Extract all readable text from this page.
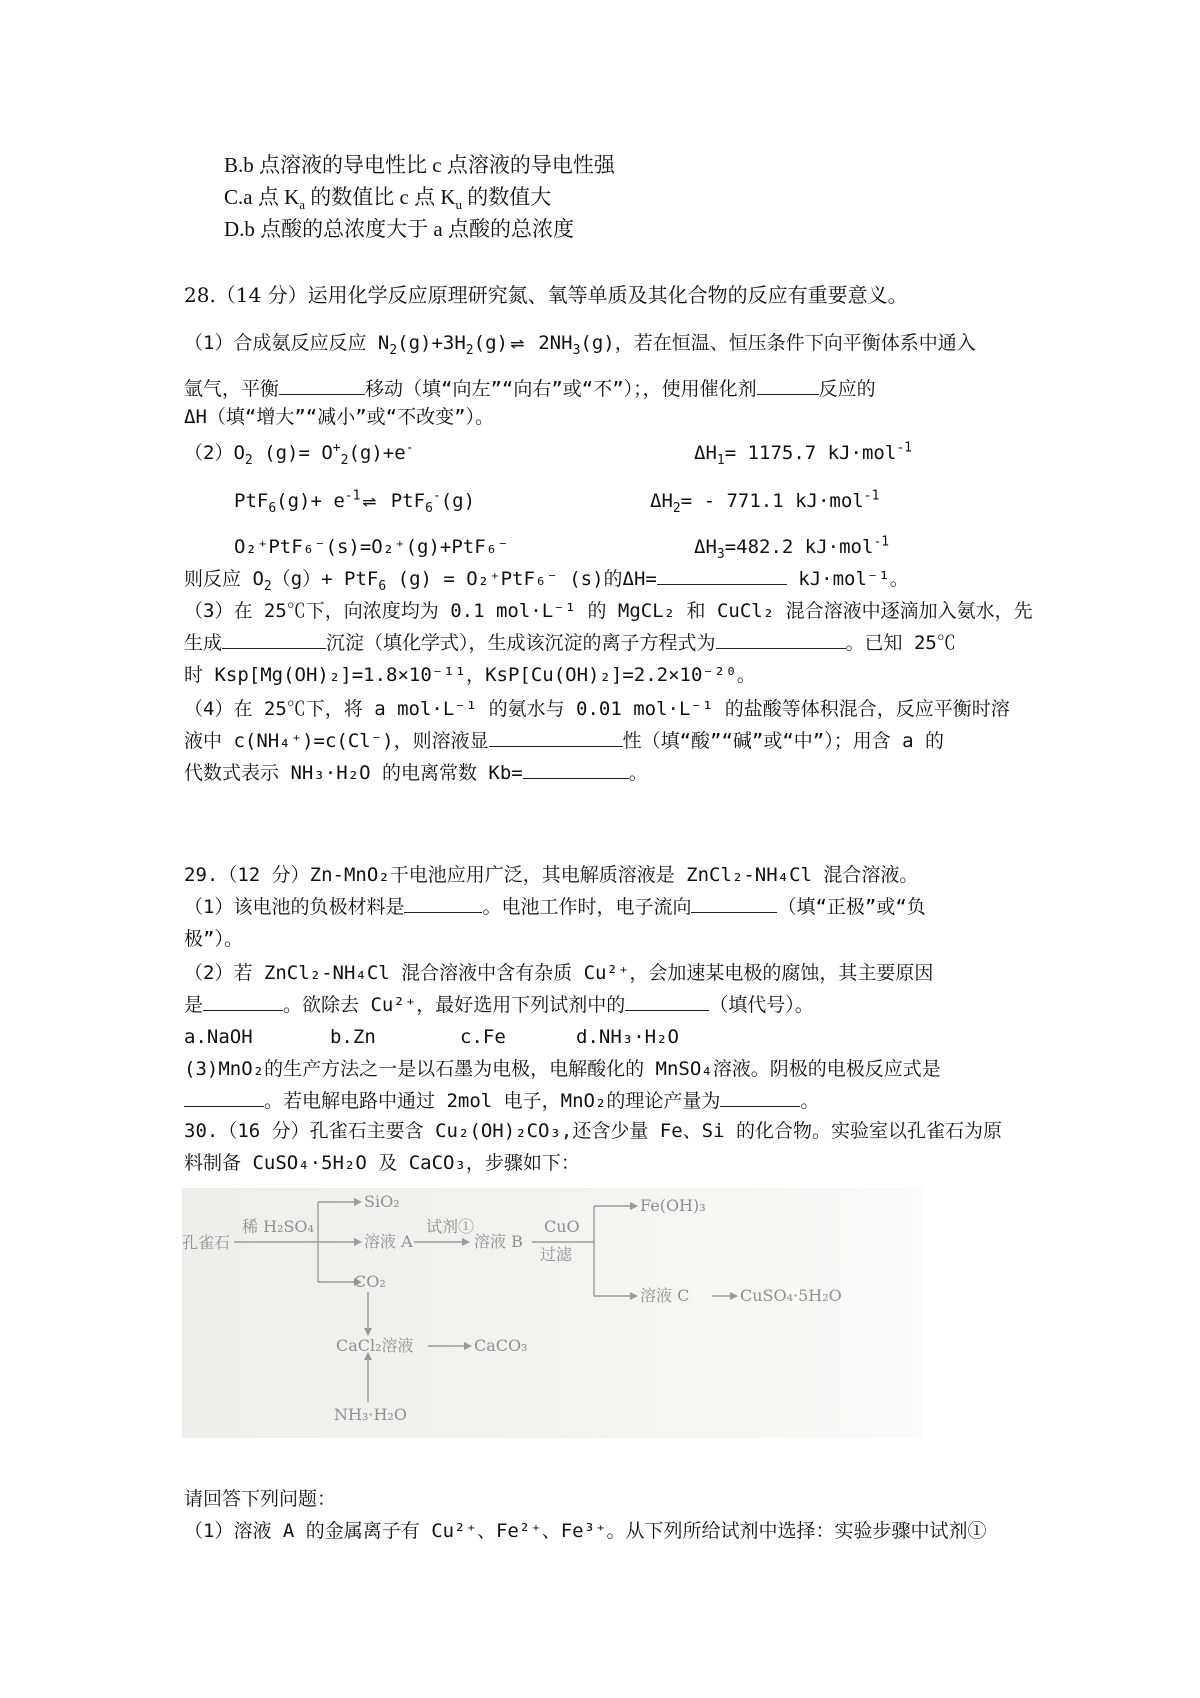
B.b 点溶液的导电性比 c 点溶液的导电性强
C.a 点 $K_a$ 的数值比 c 点 $K_u$ 的数值大
D.b 点酸的总浓度大于 a 点酸的总浓度
28.（14 分）运用化学反应原理研究氮、氧等单质及其化合物的反应有重要意义。
（1）合成氨反应反应 $N_2(g)+3H_2(g)$ ⇌ $2NH_3(g)$，若在恒温、恒压条件下向平衡体系中通入
氩气，平衡	移动（填“向左”“向右”或“不”）；，使用催化剂	反应的
ΔH（填“增大”“减小”或“不改变”）。
$(2)O_2$ $(g)= O^+_2(g)+e^-$	$\Delta H_1= 1175.7$ kJ·mol$^{-1}$
$PtF_6(g)+ e^{-1}$ ⇌ PtF$_6$-(g)	$\Delta H_2= - 771.1$ kJ·mol$^{-1}$
O₂⁺PtF₆⁻(s)=O₂⁺(g)+PtF₆⁻	$\Delta H_3=482.2$ kJ·mol$^{-1}$
则反应 $O_2(g)+ PtF_6$ (g) = O₂⁺PtF₆⁻ (s)的ΔH=	kJ·mol⁻¹。
（3）在 25℃下，向浓度均为 0.1 mol·L⁻¹ 的 MgCL₂ 和 CuCl₂ 混合溶液中逐滴加入氨水，先
生成	沉淀（填化学式），生成该沉淀的离子方程式为	。已知 25℃
时 Ksp[Mg(OH)₂]=1.8×10⁻¹¹，KsP[Cu(OH)₂]=2.2×10⁻²⁰。
（4）在 25℃下，将 a mol·L⁻¹ 的氨水与 0.01 mol·L⁻¹ 的盐酸等体积混合，反应平衡时溶
液中 c(NH₄⁺)=c(Cl⁻)，则溶液显	性（填“酸”“碱”或“中”）；用含 a 的
代数式表示 NH₃·H₂O 的电离常数 Kb=	。
29.（12 分）Zn-MnO₂干电池应用广泛，其电解质溶液是 ZnCl₂-NH₄Cl 混合溶液。
（1）该电池的负极材料是	。电池工作时，电子流向	（填“正极”或“负
极”）。
（2）若 ZnCl₂-NH₄Cl 混合溶液中含有杂质 Cu²⁺，会加速某电极的腐蚀，其主要原因
是	。欲除去 Cu²⁺，最好选用下列试剂中的	（填代号）。
a.NaOH	b.Zn	c.Fe	d.NH₃·H₂O
(3)MnO₂的生产方法之一是以石墨为电极，电解酸化的 MnSO₄溶液。阴极的电极反应式是
。若电解电路中通过 2mol 电子，MnO₂的理论产量为	。
30.（16 分）孔雀石主要含 Cu₂(OH)₂CO₃,还含少量 Fe、Si 的化合物。实验室以孔雀石为原
料制备 CuSO₄·5H₂O 及 CaCO₃，步骤如下：
孔雀石
稀 H₂SO₄
SiO₂
溶液 A
试剂①
溶液 B
CuO
过滤
Fe(OH)₃
溶液 C	CuSO₄·5H₂O
CO₂
CaCl₂溶液	CaCO₃
NH₃·H₂O
请回答下列问题：
（1）溶液 A 的金属离子有 Cu²⁺、Fe²⁺、Fe³⁺。从下列所给试剂中选择：实验步骤中试剂①
